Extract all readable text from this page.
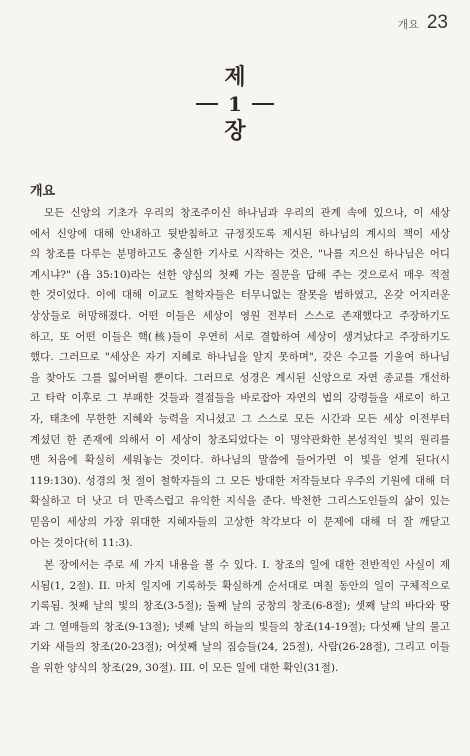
개요 23
제
1
장
개요
모든 신앙의 기초가 우리의 창조주이신 하나님과 우리의 관계 속에 있으나, 이 세상
에서 신앙에 대해 안내하고 뒷받침하고 규정짓도록 제시된 하나님의 계시의 책이 세상
의 창조를 다루는 분명하고도 충실한 기사로 시작하는 것은, "나를 지으신 하나님은 어디
계시냐?" (욥 35:10)라는 선한 양심의 첫째 가는 질문을 답해 주는 것으로서 매우 적절
한 것이었다. 이에 대해 이교도 철학자들은 터무니없는 잘못을 범하였고, 온갖 어지러운
상상들로 허망해졌다. 어떤 이들은 세상이 영원 전부터 스스로 존재했다고 주장하기도
하고, 또 어떤 이들은 핵(核)들이 우연히 서로 결합하여 세상이 생겨났다고 주장하기도
했다. 그러므로 "세상은 자기 지혜로 하나님을 알지 못하며", 갖은 수고를 기울여 하나님
을 찾아도 그를 잃어버릴 뿐이다. 그러므로 성경은 계시된 신앙으로 자연 종교를 개선하
고 타락 이후로 그 부패한 것들과 결점들을 바로잡아 자연의 법의 강령들을 새로이 하고
자, 태초에 무한한 지혜와 능력을 지니셨고 그 스스로 모든 시간과 모든 세상 이전부터
계셨던 한 존재에 의해서 이 세상이 창조되었다는 이 명약관화한 본성적인 빛의 원리를
맨 처음에 확실히 세워놓는 것이다. 하나님의 말씀에 들어가면 이 빛을 얻게 된다(시
119:130). 성경의 첫 절이 철학자들의 그 모든 방대한 저작들보다 우주의 기원에 대해 더
확실하고 더 낫고 더 만족스럽고 유익한 지식을 준다. 박천한 그리스도인들의 삶이 있는
믿음이 세상의 가장 위대한 지혜자들의 고상한 착각보다 이 문제에 대해 더 잘 깨닫고
아는 것이다(히 11:3).
본 장에서는 주로 세 가지 내용을 볼 수 있다. I. 창조의 일에 대한 전반적인 사실이 제
시됨(1, 2절). II. 마치 일지에 기록하듯 확실하게 순서대로 며칠 동안의 일이 구체적으로
기록됨. 첫째 날의 빛의 창조(3-5절); 둘째 날의 궁창의 창조(6-8절); 셋째 날의 바다와 땅
과 그 열매들의 창조(9-13절); 넷째 날의 하늘의 빛들의 창조(14-19절); 다섯째 날의 물고
기와 새들의 창조(20-23절); 여섯째 날의 짐승들(24, 25절), 사람(26-28절), 그리고 이들
을 위한 양식의 창조(29, 30절). III. 이 모든 일에 대한 확인(31절).
